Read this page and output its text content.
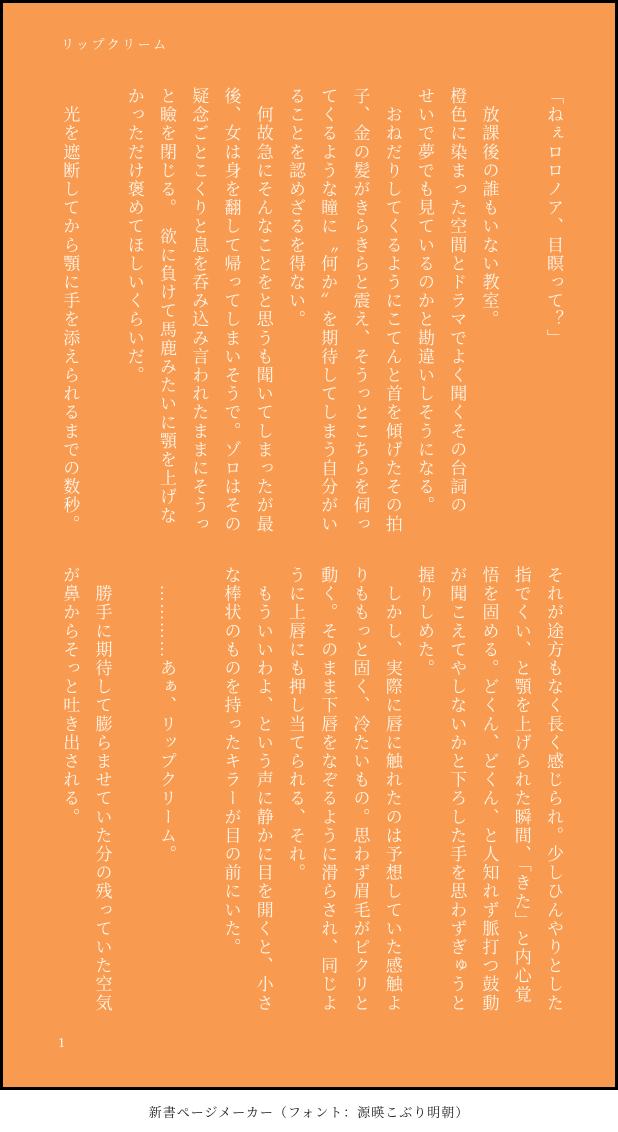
リップクリーム
「ねぇロロノア、目瞑って？」
　放課後の誰もいない教室。
橙色に染まった空間とドラマでよく聞くその台詞の
せいで夢でも見ているのかと勘違いしそうになる。
　おねだりしてくるようにこてんと首を傾げたその拍
子、金の髪がきらきらと震え、そうっとこちらを伺っ
てくるような瞳に〝何か〟を期待してしまう自分がい
ることを認めざるを得ない。
　何故急にそんなことをと思うも聞いてしまったが最
後、女は身を翻して帰ってしまいそうで。ゾロはその
疑念ごとこくりと息を呑み込み言われたままにそうっ
と瞼を閉じる。　欲に負けて馬鹿みたいに顎を上げな
かっただけ褒めてほしいくらいだ。
　光を遮断してから顎に手を添えられるまでの数秒。
それが途方もなく長く感じられ。少しひんやりとした
指でくい、と顎を上げられた瞬間、「きた」と内心覚
悟を固める。どくん、どくん、と人知れず脈打つ鼓動
が聞こえてやしないかと下ろした手を思わずぎゅうと
握りしめた。
　しかし、実際に唇に触れたのは予想していた感触よ
りももっと固く、冷たいもの。思わず眉毛がピクリと
動く。そのまま下唇をなぞるように滑らされ、同じよ
うに上唇にも押し当てられる、それ。
　もういいわよ、という声に静かに目を開くと、小さ
な棒状のものを持ったキラーが目の前にいた。
　…………あぁ、リップクリーム。
　勝手に期待して膨らませていた分の残っていた空気
が鼻からそっと吐き出される。
1
新書ページメーカー（フォント：源暎こぶり明朝）
